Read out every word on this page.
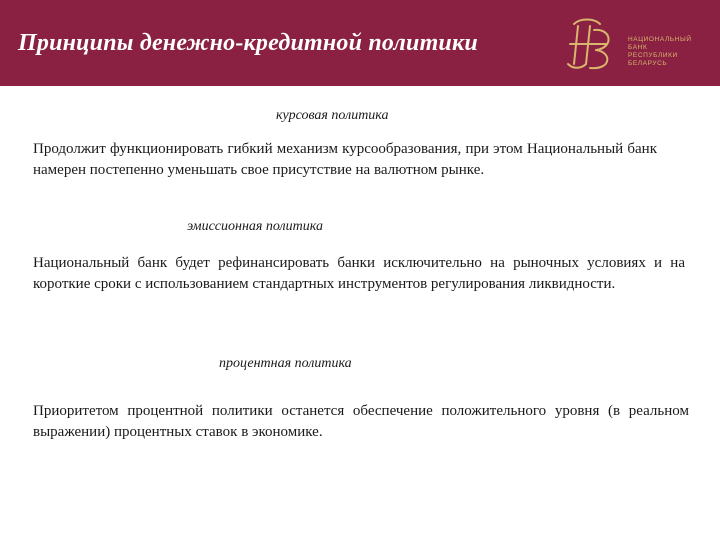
Принципы денежно-кредитной политики	НАЦИОНАЛЬНЫЙ
БАНК
РЕСПУБЛИКИ
БЕЛАРУСЬ
курсовая политика
Продолжит функционировать гибкий механизм курсообразования, при этом Национальный банк намерен постепенно уменьшать свое присутствие на валютном рынке.
эмиссионная политика
Национальный банк будет рефинансировать банки исключительно на рыночных условиях и на короткие сроки с использованием стандартных инструментов регулирования ликвидности.
процентная политика
Приоритетом процентной политики останется обеспечение положительного уровня (в реальном выражении) процентных ставок в экономике.
